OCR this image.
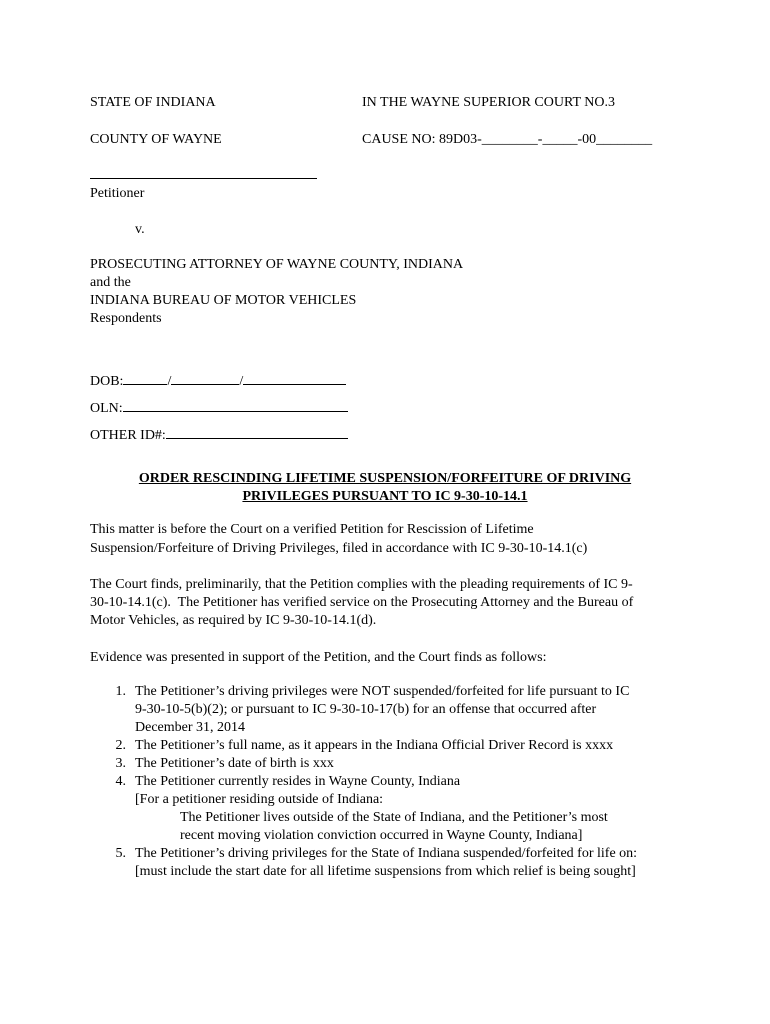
STATE OF INDIANA	IN THE WAYNE SUPERIOR COURT NO.3
COUNTY OF WAYNE	CAUSE NO: 89D03-________-_____-00________
Petitioner
v.
PROSECUTING ATTORNEY OF WAYNE COUNTY, INDIANA
and the
INDIANA BUREAU OF MOTOR VEHICLES
Respondents
DOB:	/	/
OLN:
OTHER ID#:
ORDER RESCINDING LIFETIME SUSPENSION/FORFEITURE OF DRIVING
PRIVILEGES PURSUANT TO IC 9-30-10-14.1
This matter is before the Court on a verified Petition for Rescission of Lifetime
Suspension/Forfeiture of Driving Privileges, filed in accordance with IC 9-30-10-14.1(c)
The Court finds, preliminarily, that the Petition complies with the pleading requirements of IC 9-
30-10-14.1(c).  The Petitioner has verified service on the Prosecuting Attorney and the Bureau of
Motor Vehicles, as required by IC 9-30-10-14.1(d).
Evidence was presented in support of the Petition, and the Court finds as follows:
1. The Petitioner’s driving privileges were NOT suspended/forfeited for life pursuant to IC
9-30-10-5(b)(2); or pursuant to IC 9-30-10-17(b) for an offense that occurred after
December 31, 2014
2. The Petitioner’s full name, as it appears in the Indiana Official Driver Record is xxxx
3. The Petitioner’s date of birth is xxx
4. The Petitioner currently resides in Wayne County, Indiana
[For a petitioner residing outside of Indiana:
The Petitioner lives outside of the State of Indiana, and the Petitioner’s most
recent moving violation conviction occurred in Wayne County, Indiana]
5. The Petitioner’s driving privileges for the State of Indiana suspended/forfeited for life on:
[must include the start date for all lifetime suspensions from which relief is being sought]
